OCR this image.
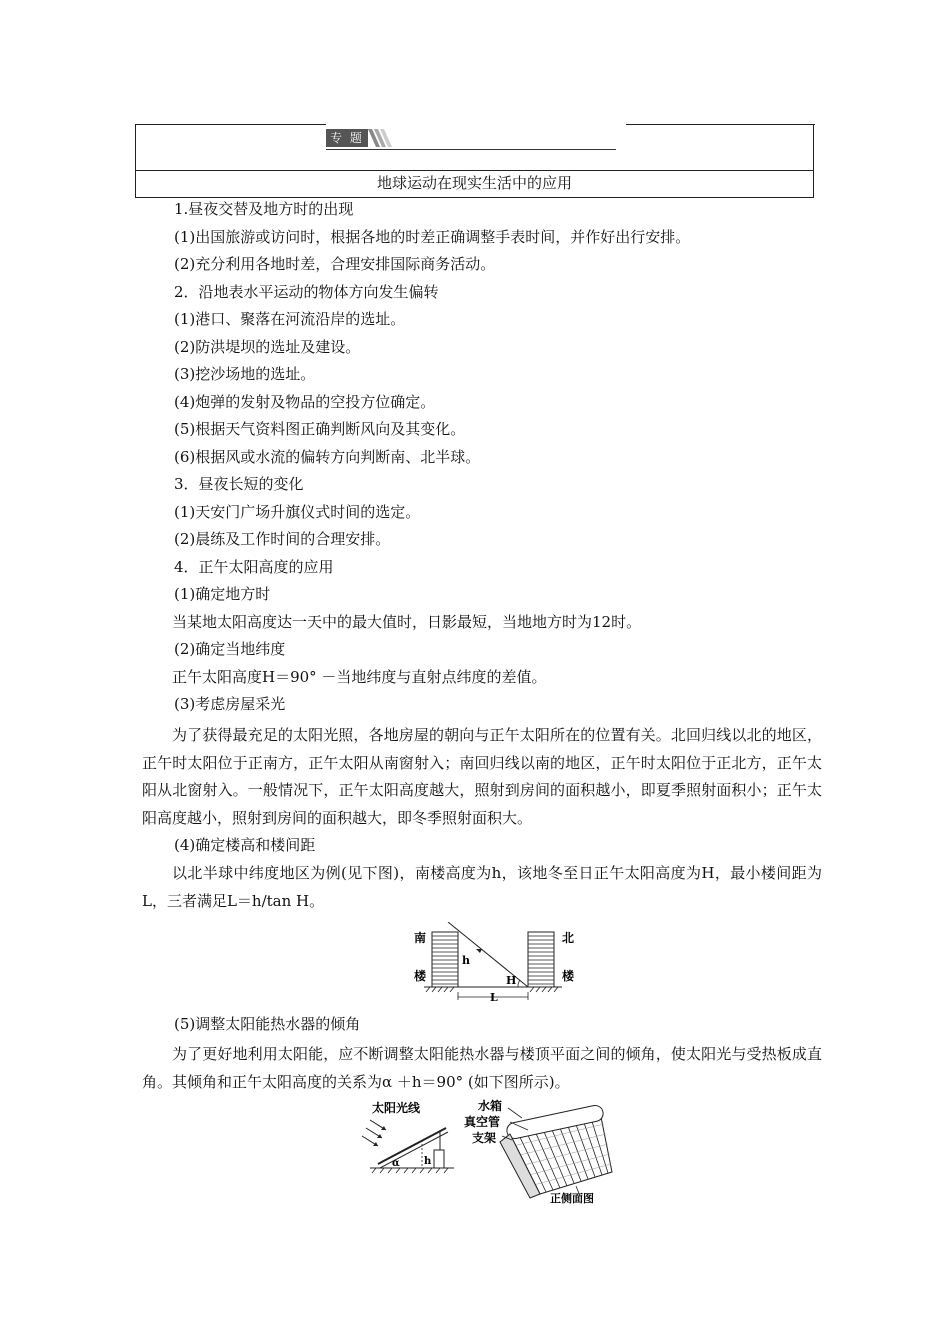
专 题
地球运动在现实生活中的应用
1.昼夜交替及地方时的出现
(1)出国旅游或访问时，根据各地的时差正确调整手表时间，并作好出行安排。
(2)充分利用各地时差，合理安排国际商务活动。
2．沿地表水平运动的物体方向发生偏转
(1)港口、聚落在河流沿岸的选址。
(2)防洪堤坝的选址及建设。
(3)挖沙场地的选址。
(4)炮弹的发射及物品的空投方位确定。
(5)根据天气资料图正确判断风向及其变化。
(6)根据风或水流的偏转方向判断南、北半球。
3．昼夜长短的变化
(1)天安门广场升旗仪式时间的选定。
(2)晨练及工作时间的合理安排。
4．正午太阳高度的应用
(1)确定地方时
当某地太阳高度达一天中的最大值时，日影最短，当地地方时为12时。
(2)确定当地纬度
正午太阳高度H＝90° －当地纬度与直射点纬度的差值。
(3)考虑房屋采光
为了获得最充足的太阳光照，各地房屋的朝向与正午太阳所在的位置有关。北回归线以北的地区，正午时太阳位于正南方，正午太阳从南窗射入；南回归线以南的地区，正午时太阳位于正北方，正午太阳从北窗射入。一般情况下，正午太阳高度越大，照射到房间的面积越小，即夏季照射面积小；正午太阳高度越小，照射到房间的面积越大，即冬季照射面积大。
(4)确定楼高和楼间距
以北半球中纬度地区为例(见下图)，南楼高度为h，该地冬至日正午太阳高度为H，最小楼间距为L，三者满足L＝h/tan H。
(5)调整太阳能热水器的倾角
为了更好地利用太阳能，应不断调整太阳能热水器与楼顶平面之间的倾角，使太阳光与受热板成直角。其倾角和正午太阳高度的关系为α ＋h＝90° (如下图所示)。
南
楼
北
楼
h
H
L
太阳光线
α h
水箱
真空管
支架
正侧面图
